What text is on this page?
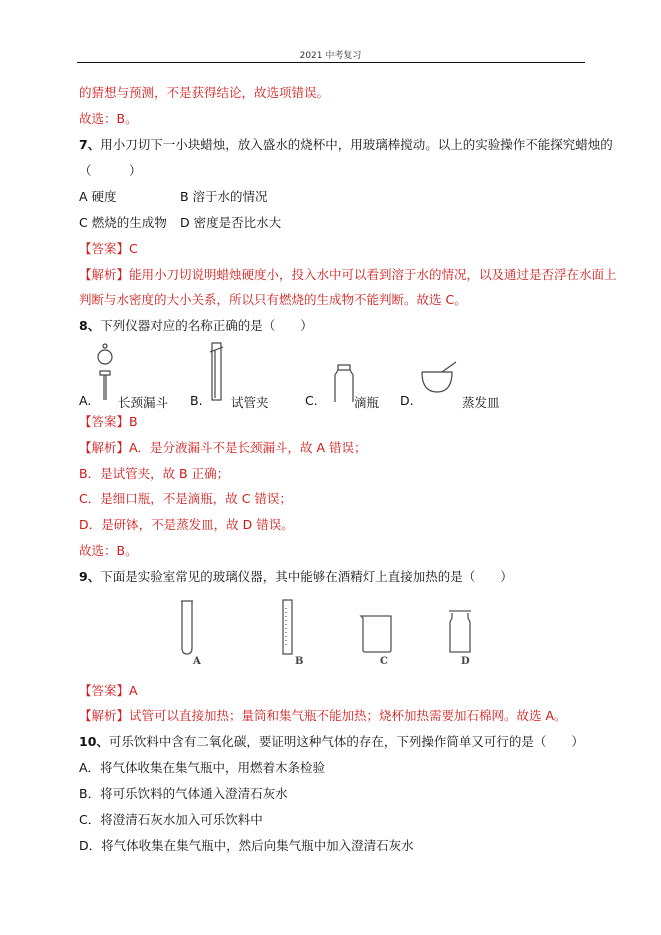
2021 中考复习
的猜想与预测，不是获得结论，故选项错误。
故选：B。
7、用小刀切下一小块蜡烛，放入盛水的烧杯中，用玻璃棒搅动。以上的实验操作不能探究蜡烛的
（　　　）
A 硬度	B 溶于水的情况
C 燃烧的生成物 D 密度是否比水大
【答案】C
【解析】能用小刀切说明蜡烛硬度小，投入水中可以看到溶于水的情况，以及通过是否浮在水面上
判断与水密度的大小关系，所以只有燃烧的生成物不能判断。故选 C。
8、下列仪器对应的名称正确的是（　　）
A. 长颈漏斗 B. 试管夹	C.	滴瓶 D.	蒸发皿
【答案】B
【解析】A．是分液漏斗不是长颈漏斗，故 A 错误；
B．是试管夹，故 B 正确；
C．是细口瓶，不是滴瓶，故 C 错误；
D．是研钵，不是蒸发皿，故 D 错误。
故选：B。
9、下面是实验室常见的玻璃仪器，其中能够在酒精灯上直接加热的是（　　）
A	B	C	D
【答案】A
【解析】试管可以直接加热；量筒和集气瓶不能加热；烧杯加热需要加石棉网。故选 A。
10、可乐饮料中含有二氧化碳，要证明这种气体的存在，下列操作简单又可行的是（　　）
A．将气体收集在集气瓶中，用燃着木条检验
B．将可乐饮料的气体通入澄清石灰水
C．将澄清石灰水加入可乐饮料中
D．将气体收集在集气瓶中，然后向集气瓶中加入澄清石灰水
